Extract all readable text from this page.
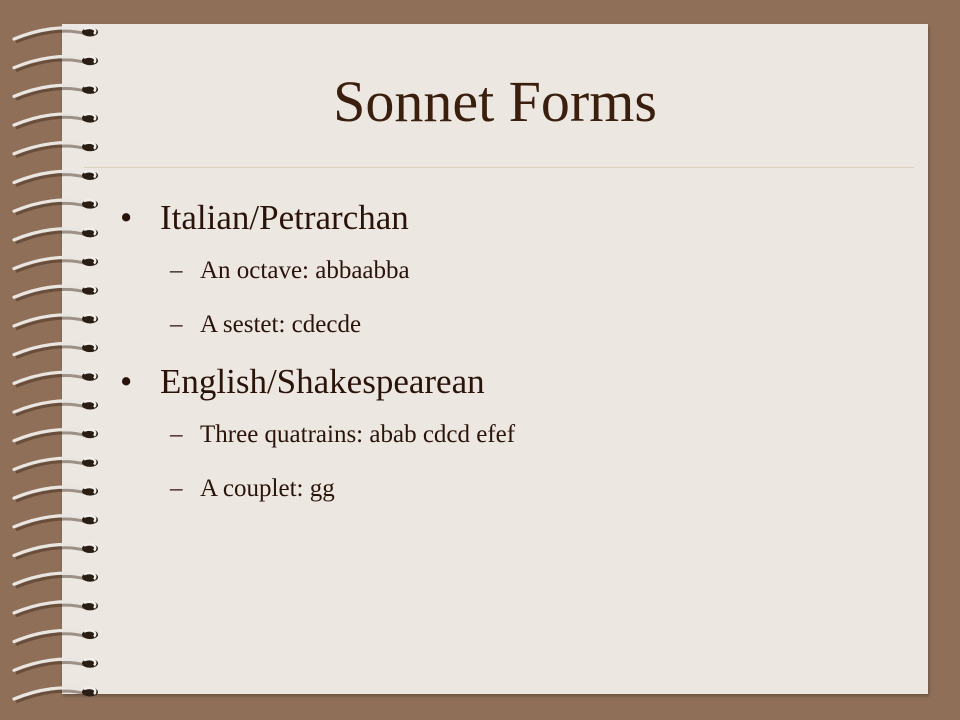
Sonnet Forms

• Italian/Petrarchan

– An octave: abbaabba

– A sestet: cdecde

• English/Shakespearean

– Three quatrains: abab cdcd efef

– A couplet: gg
